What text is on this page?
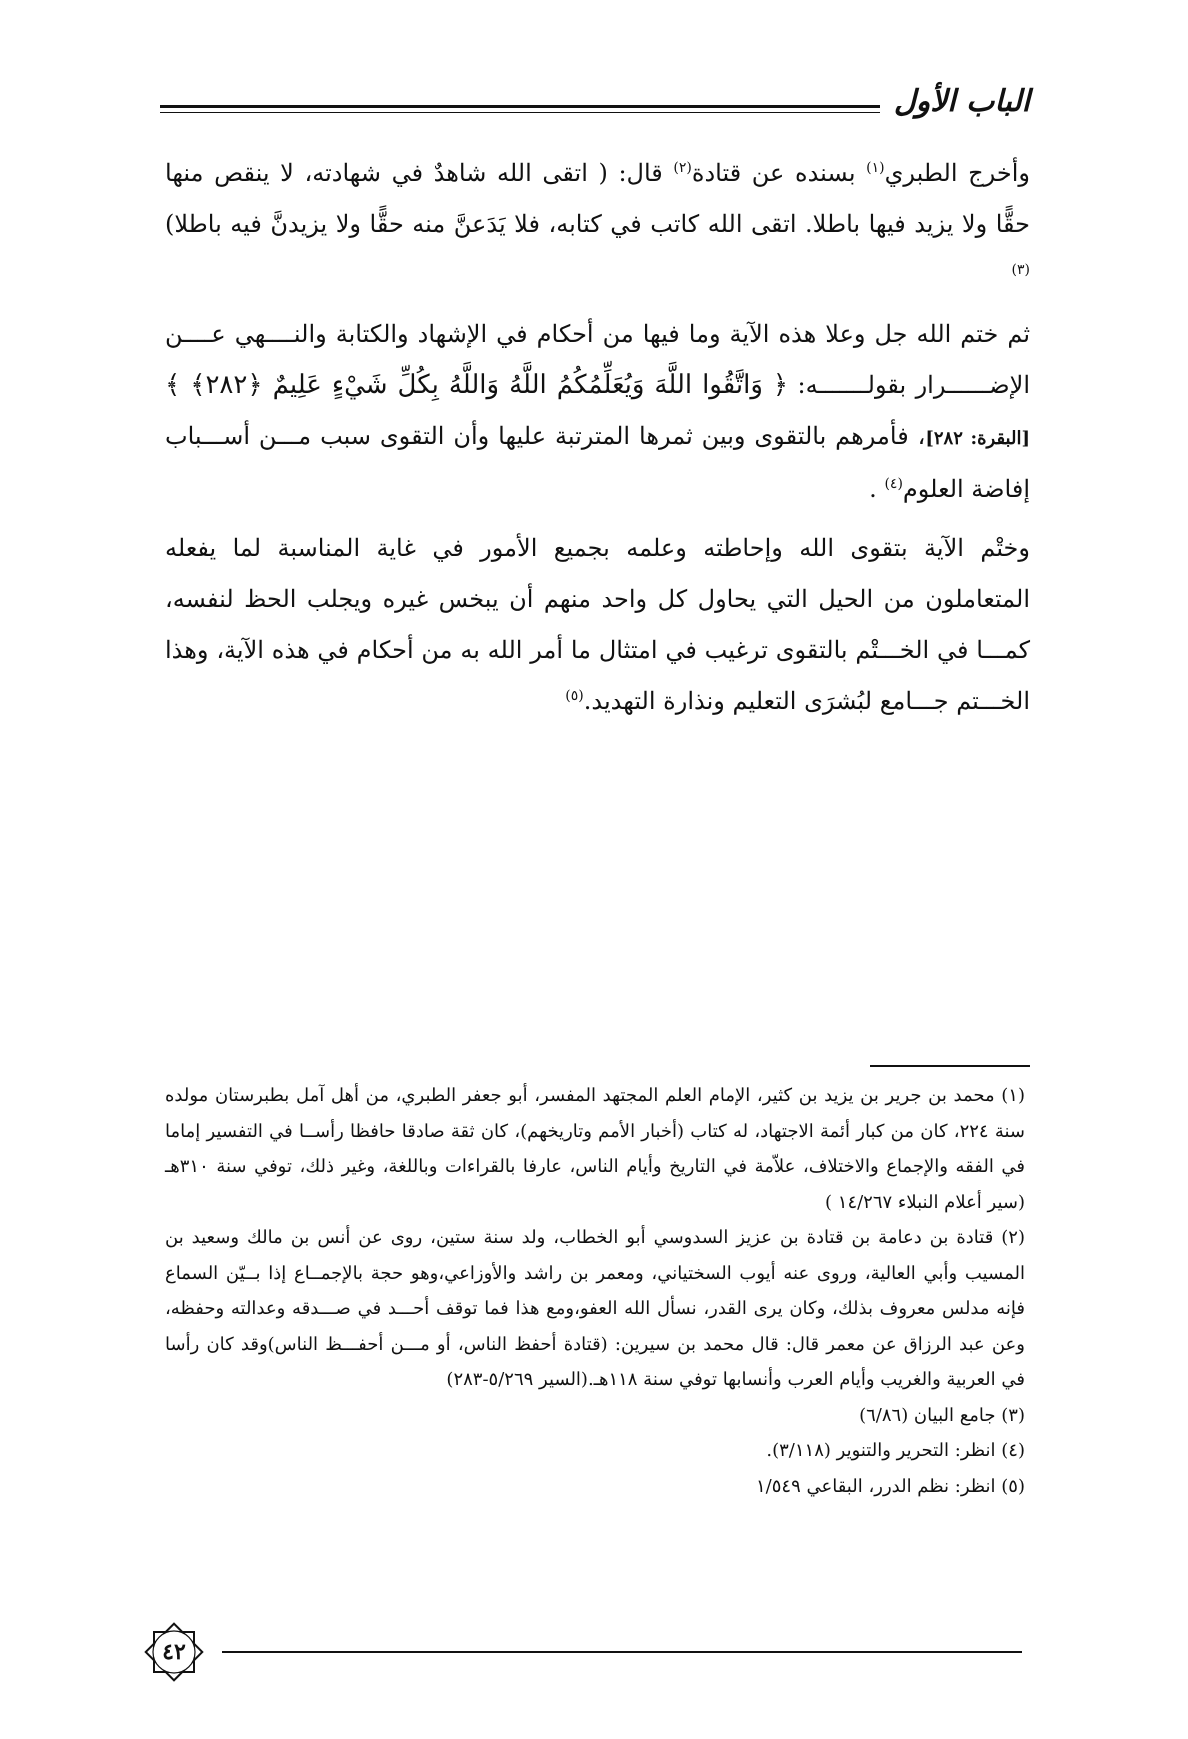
الباب الأول

وأخرج الطبري$^{(١)}$ بسنده عن قتادة$^{(٢)}$ قال: ( اتقى الله شاهدٌ في شهادته، لا ينقص منها حقًّا ولا يزيد فيها باطلا. اتقى الله كاتب في كتابه، فلا يَدَعنَّ منه حقًّا ولا يزيدنَّ فيه باطلا)$^{(٣)}$

ثم ختم الله جل وعلا هذه الآية وما فيها من أحكام في الإشهاد والكتابة والنــــهي عــــن الإضــــــرار بقولـــــــه: ﴿ وَاتَّقُوا اللَّهَ وَيُعَلِّمُكُمُ اللَّهُ وَاللَّهُ بِكُلِّ شَيْءٍ عَلِيمٌ ﴿٢٨٢﴾ ﴾ [البقرة: ٢٨٢]، فأمرهم بالتقوى وبين ثمرها المترتبة عليها وأن التقوى سبب مـــن أســـباب إفاضة العلوم$^{(٤)}$ .

وختْم الآية بتقوى الله وإحاطته وعلمه بجميع الأمور في غاية المناسبة لما يفعله المتعاملون من الحيل التي يحاول كل واحد منهم أن يبخس غيره ويجلب الحظ لنفسه، كمـــا في الخـــتْم بالتقوى ترغيب في امتثال ما أمر الله به من أحكام في هذه الآية، وهذا الخـــتم جـــامع لبُشرَى التعليم ونذارة التهديد.$^{(٥)}$

(١) محمد بن جرير بن يزيد بن كثير، الإمام العلم المجتهد المفسر، أبو جعفر الطبري، من أهل آمل بطبرستان مولده سنة ٢٢٤، كان من كبار أئمة الاجتهاد، له كتاب (أخبار الأمم وتاريخهم)، كان ثقة صادقا حافظا رأســا في التفسير إماما في الفقه والإجماع والاختلاف، علاّمة في التاريخ وأيام الناس، عارفا بالقراءات وباللغة، وغير ذلك، توفي سنة ٣١٠هـ (سير أعلام النبلاء ١٤/٢٦٧ )

(٢) قتادة بن دعامة بن قتادة بن عزيز السدوسي أبو الخطاب، ولد سنة ستين، روى عن أنس بن مالك وسعيد بن المسيب وأبي العالية، وروى عنه أيوب السختياني، ومعمر بن راشد والأوزاعي،وهو حجة بالإجمــاع إذا بــيّن السماع فإنه مدلس معروف بذلك، وكان يرى القدر، نسأل الله العفو،ومع هذا فما توقف أحـــد في صـــدقه وعدالته وحفظه، وعن عبد الرزاق عن معمر قال: قال محمد بن سيرين: (قتادة أحفظ الناس، أو مـــن أحفـــظ الناس)وقد كان رأسا في العربية والغريب وأيام العرب وأنسابها توفي سنة ١١٨هـ.(السير ٥/٢٦٩-٢٨٣)

(٣) جامع البيان (٦/٨٦)

(٤) انظر: التحرير والتنوير (٣/١١٨).

(٥) انظر: نظم الدرر، البقاعي ١/٥٤٩

٤٢
